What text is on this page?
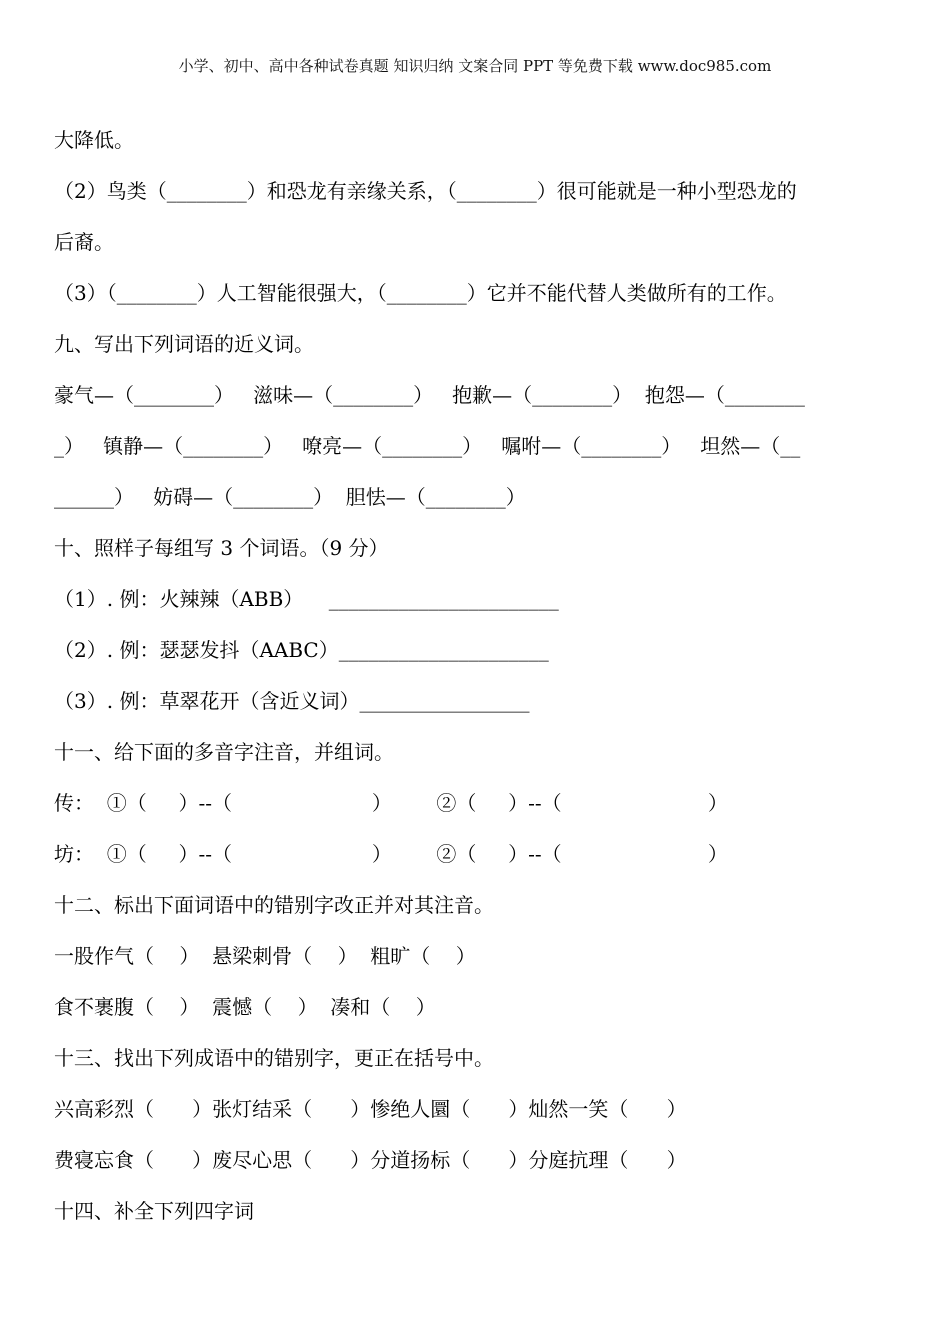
小学、初中、高中各种试卷真题 知识归纳 文案合同 PPT 等免费下载 www.doc985.com
大降低。
（2）鸟类（________）和恐龙有亲缘关系，（________）很可能就是一种小型恐龙的
后裔。
（3）（________）人工智能很强大，（________）它并不能代替人类做所有的工作。
九、写出下列词语的近义词。
豪气—（________）   滋味—（________）   抱歉—（________）  抱怨—（________
_）   镇静—（________）   嘹亮—（________）   嘱咐—（________）   坦然—（__
______）   妨碍—（________）  胆怯—（________）
十、照样子每组写 3 个词语。（9 分）
（1）. 例：火辣辣（ABB）    _______________________
（2）. 例：瑟瑟发抖（AABC）_____________________
（3）. 例：草翠花开（含近义词）_________________
十一、给下面的多音字注音，并组词。
传：  ①（     ）--（                      ）       ②（     ）--（                       ）
坊：  ①（     ）--（                      ）       ②（     ）--（                       ）
十二、标出下面词语中的错别字改正并对其注音。
一股作气（    ）  悬梁刺骨（    ）  粗旷（    ）
食不裹腹（    ）  震憾（    ）  凑和（    ）
十三、找出下列成语中的错别字，更正在括号中。
兴高彩烈（      ）张灯结采（      ）惨绝人圜（      ）灿然一笑（      ）
费寝忘食（      ）废尽心思（      ）分道扬标（      ）分庭抗理（      ）
十四、补全下列四字词
